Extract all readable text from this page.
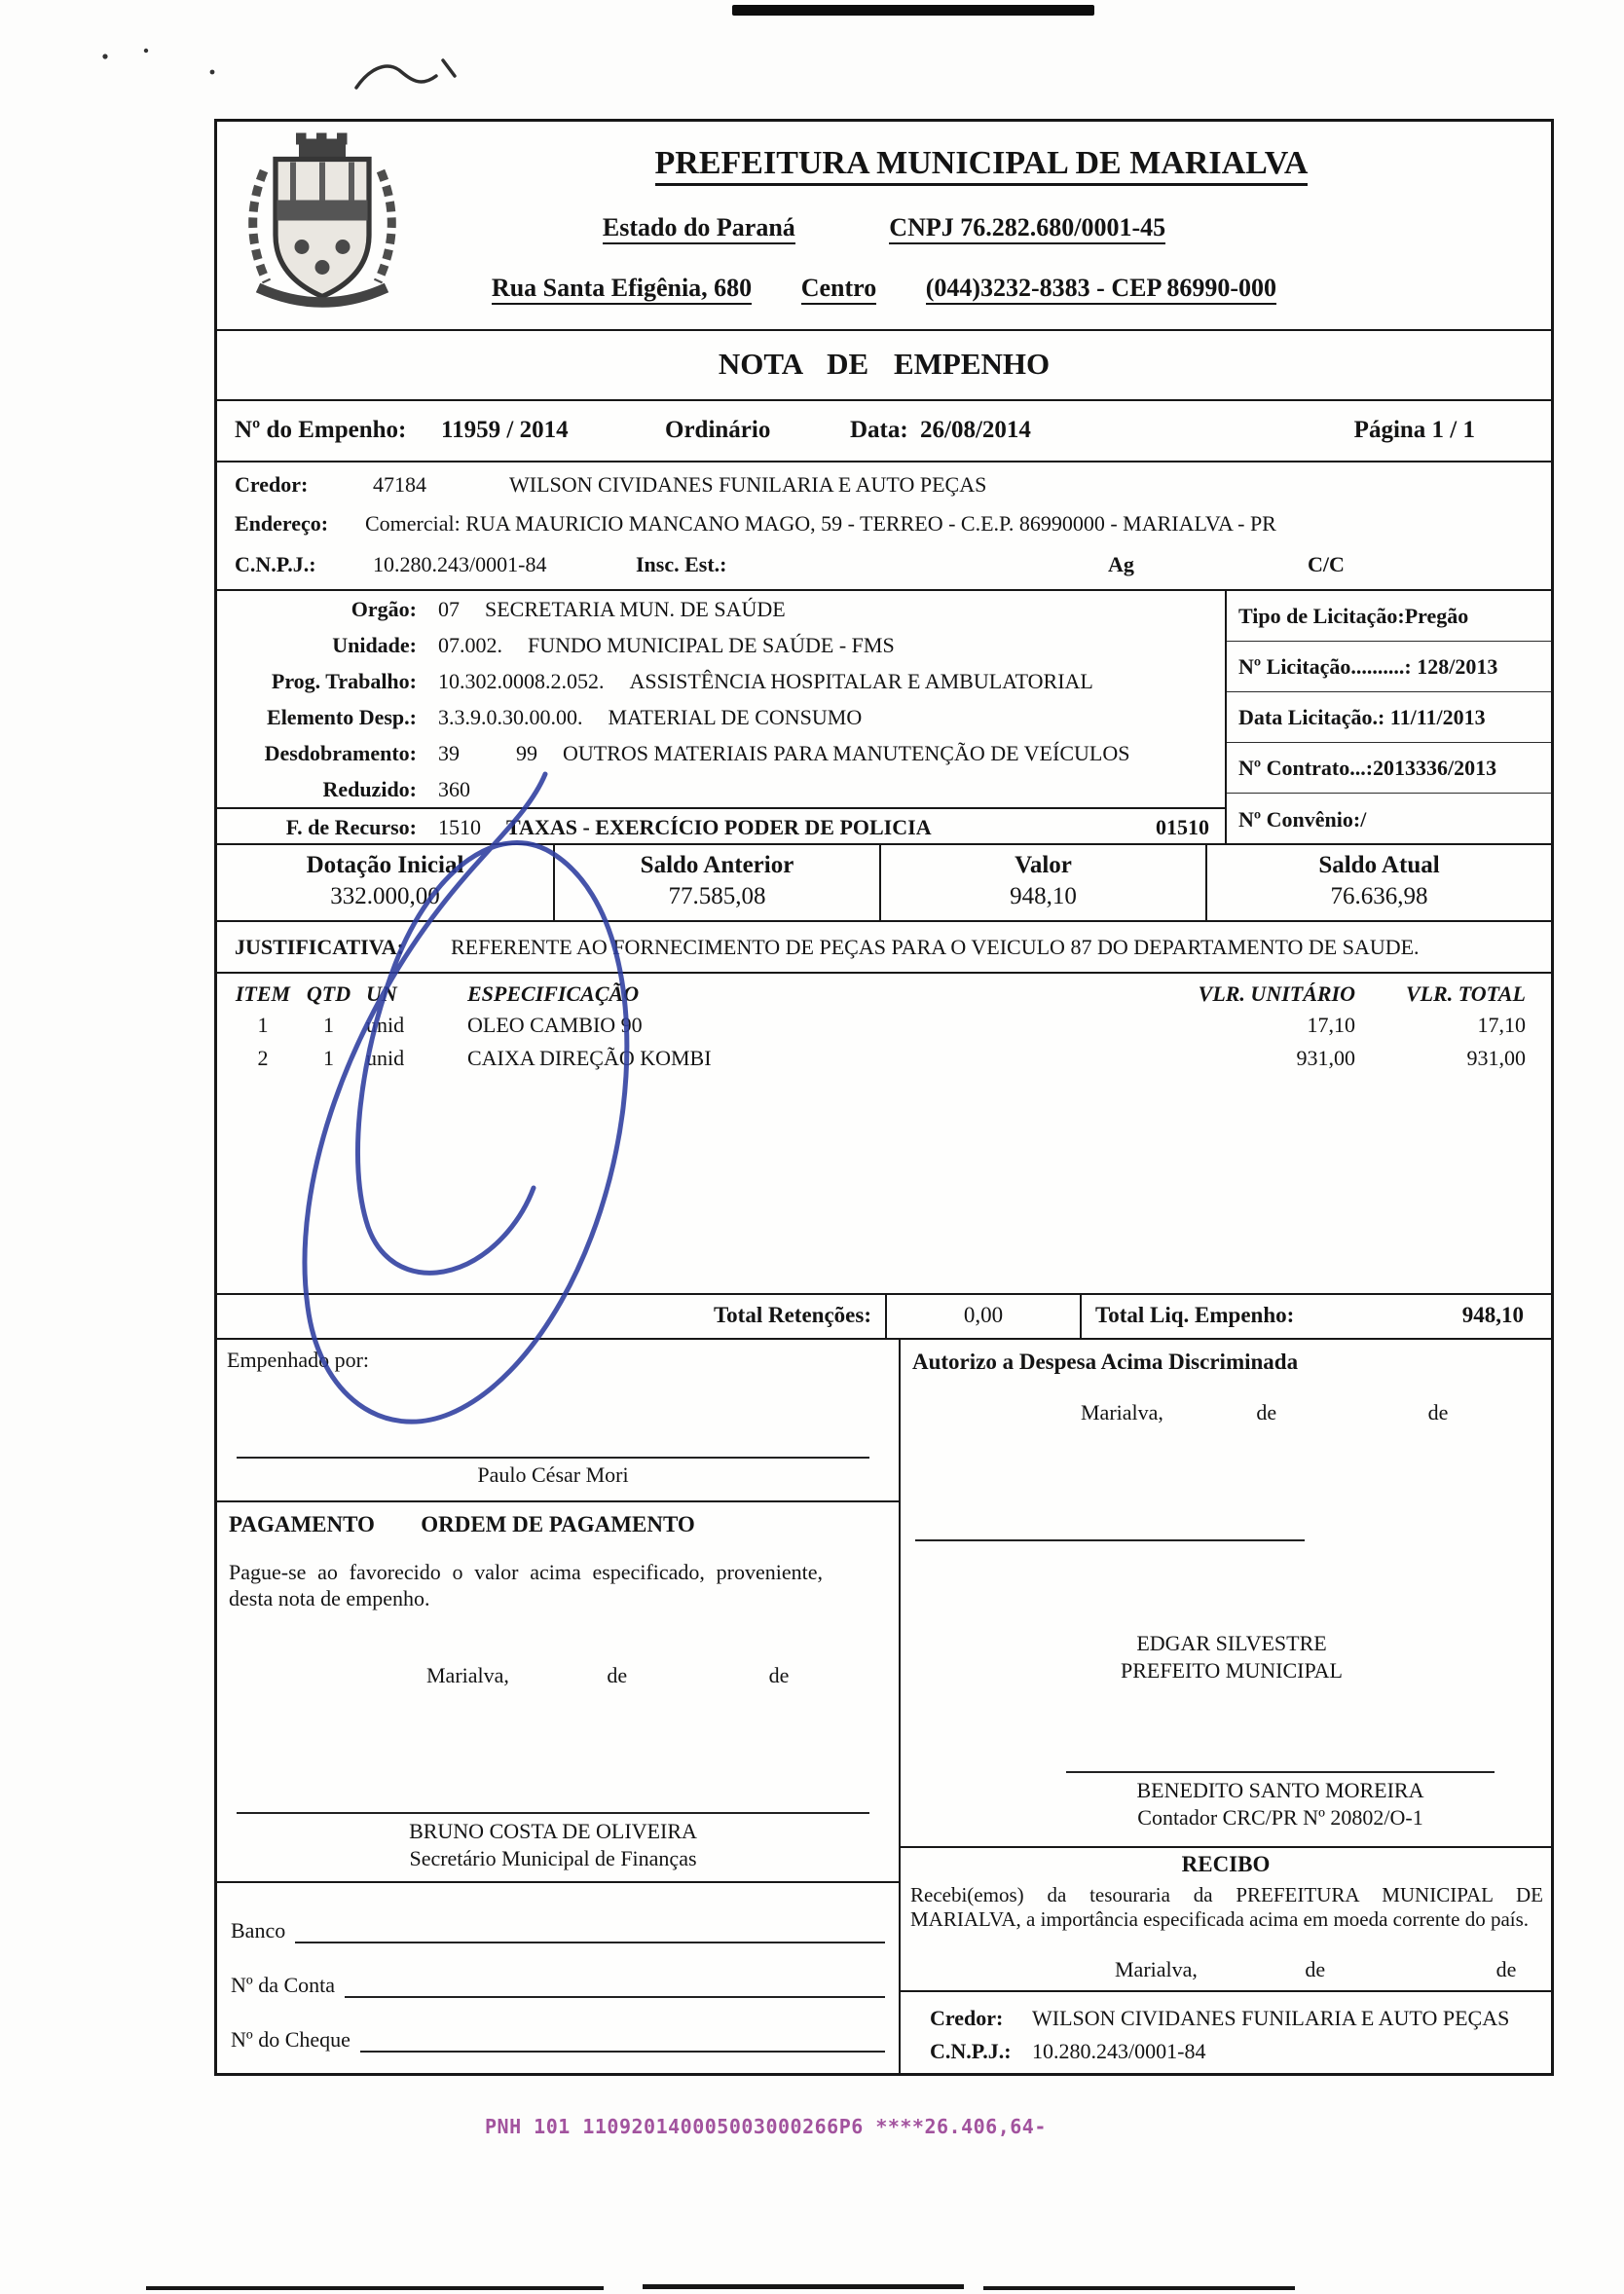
PREFEITURA MUNICIPAL DE MARIALVA
Estado do Paraná	CNPJ 76.282.680/0001-45
Rua Santa Efigênia, 680 Centro (044)3232-8383 - CEP 86990-000
NOTA DE EMPENHO
Nº do Empenho: 11959 / 2014	Ordinário	Data: 26/08/2014	Página 1 / 1
Credor:	47184	WILSON CIVIDANES FUNILARIA E AUTO PEÇAS
Endereço: Comercial: RUA MAURICIO MANCANO MAGO, 59 - TERREO - C.E.P. 86990000 - MARIALVA - PR
C.N.P.J.:	10.280.243/0001-84	Insc. Est.:	Ag	C/C
Orgão: 07 SECRETARIA MUN. DE SAÚDE
Unidade: 07.002. FUNDO MUNICIPAL DE SAÚDE - FMS
Prog. Trabalho: 10.302.0008.2.052. ASSISTÊNCIA HOSPITALAR E AMBULATORIAL
Elemento Desp.: 3.3.9.0.30.00.00. MATERIAL DE CONSUMO
Desdobramento: 39	99 OUTROS MATERIAIS PARA MANUTENÇÃO DE VEÍCULOS
Reduzido: 360
F. de Recurso: 1510 TAXAS - EXERCÍCIO PODER DE POLICIA	01510
Tipo de Licitação:Pregão
Nº Licitação..........: 128/2013
Data Licitação.: 11/11/2013
Nº Contrato...:2013336/2013
Nº Convênio:/
Dotação Inicial
332.000,00
Saldo Anterior
77.585,08
Valor
948,10
Saldo Atual
76.636,98
JUSTIFICATIVA: REFERENTE AO FORNECIMENTO DE PEÇAS PARA O VEICULO 87 DO DEPARTAMENTO DE SAUDE.
ITEM QTD UN	ESPECIFICAÇÃO	VLR. UNITÁRIO	VLR. TOTAL
1	1	unid	OLEO CAMBIO 90	17,10	17,10
2	1	unid	CAIXA DIREÇÃO KOMBI	931,00	931,00
Total Retenções:	0,00	Total Liq. Empenho:	948,10
Empenhado por:
Paulo César Mori
PAGAMENTO	ORDEM DE PAGAMENTO
Pague-se ao favorecido o valor acima especificado, proveniente, desta nota de empenho.
Marialva,	de	de
BRUNO COSTA DE OLIVEIRA
Secretário Municipal de Finanças
Banco
Nº da Conta
Nº do Cheque
Autorizo a Despesa Acima Discriminada
Marialva,	de	de
EDGAR SILVESTRE
PREFEITO MUNICIPAL
BENEDITO SANTO MOREIRA
Contador CRC/PR Nº 20802/O-1
RECIBO
Recebi(emos) da tesouraria da PREFEITURA MUNICIPAL DE MARIALVA, a importância especificada acima em moeda corrente do país.
Marialva,	de	de
Credor:	WILSON CIVIDANES FUNILARIA E AUTO PEÇAS
C.N.P.J.: 10.280.243/0001-84
PNH 101 110920140005003000266P6 ****26.406,64-
